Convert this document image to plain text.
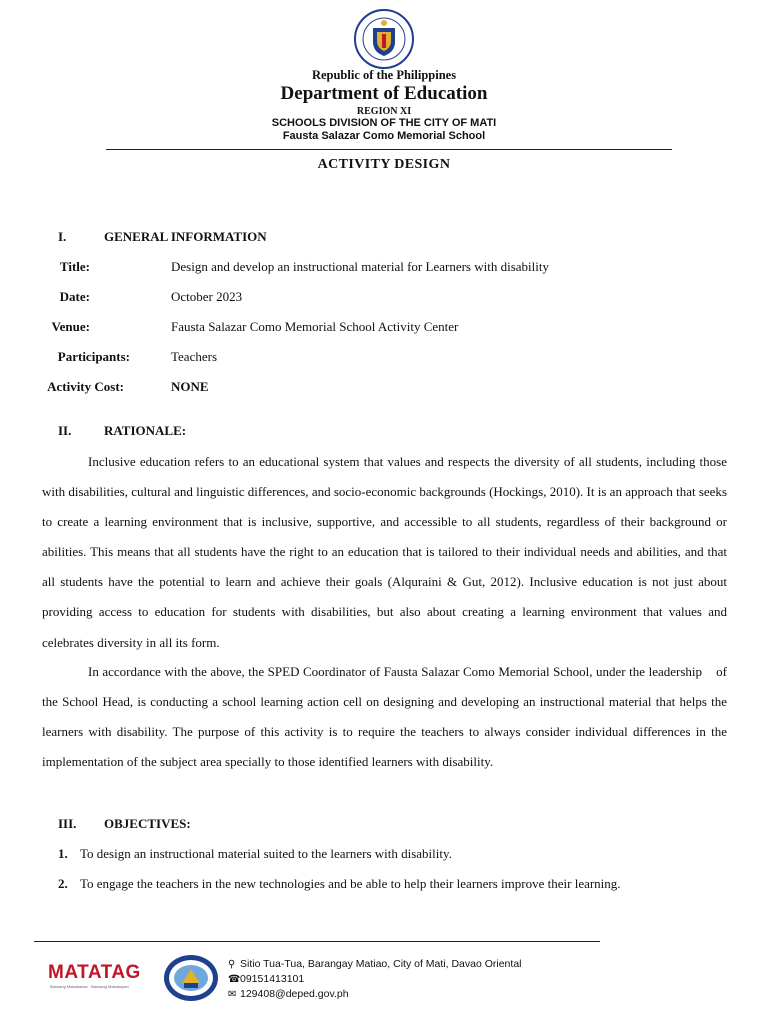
Republic of the Philippines
Department of Education
REGION XI
SCHOOLS DIVISION OF THE CITY OF MATI
Fausta Salazar Como Memorial School
ACTIVITY DESIGN
I.	GENERAL INFORMATION
Title:	Design and develop an instructional material for Learners with disability
Date:	October 2023
Venue:	Fausta Salazar Como Memorial School Activity Center
Participants:	Teachers
Activity Cost:	NONE
II.	RATIONALE:
Inclusive education refers to an educational system that values and respects the diversity of all students, including those with disabilities, cultural and linguistic differences, and socio-economic backgrounds (Hockings, 2010). It is an approach that seeks to create a learning environment that is inclusive, supportive, and accessible to all students, regardless of their background or abilities. This means that all students have the right to an education that is tailored to their individual needs and abilities, and that all students have the potential to learn and achieve their goals (Alquraini & Gut, 2012). Inclusive education is not just about providing access to education for students with disabilities, but also about creating a learning environment that values and celebrates diversity in all its form.
In accordance with the above, the SPED Coordinator of Fausta Salazar Como Memorial School, under the leadership    of the School Head, is conducting a school learning action cell on designing and developing an instructional material that helps the learners with disability. The purpose of this activity is to require the teachers to always consider individual differences in the implementation of the subject area specially to those identified learners with disability.
III. OBJECTIVES:
1. To design an instructional material suited to the learners with disability.
2. To engage the teachers in the new technologies and be able to help their learners improve their learning.
MATATAG
Bansang Makabansa · Bansang Makabayan
⚲ Sitio Tua-Tua, Barangay Matiao, City of Mati, Davao Oriental
☎09151413101
✉ 129408@deped.gov.ph
